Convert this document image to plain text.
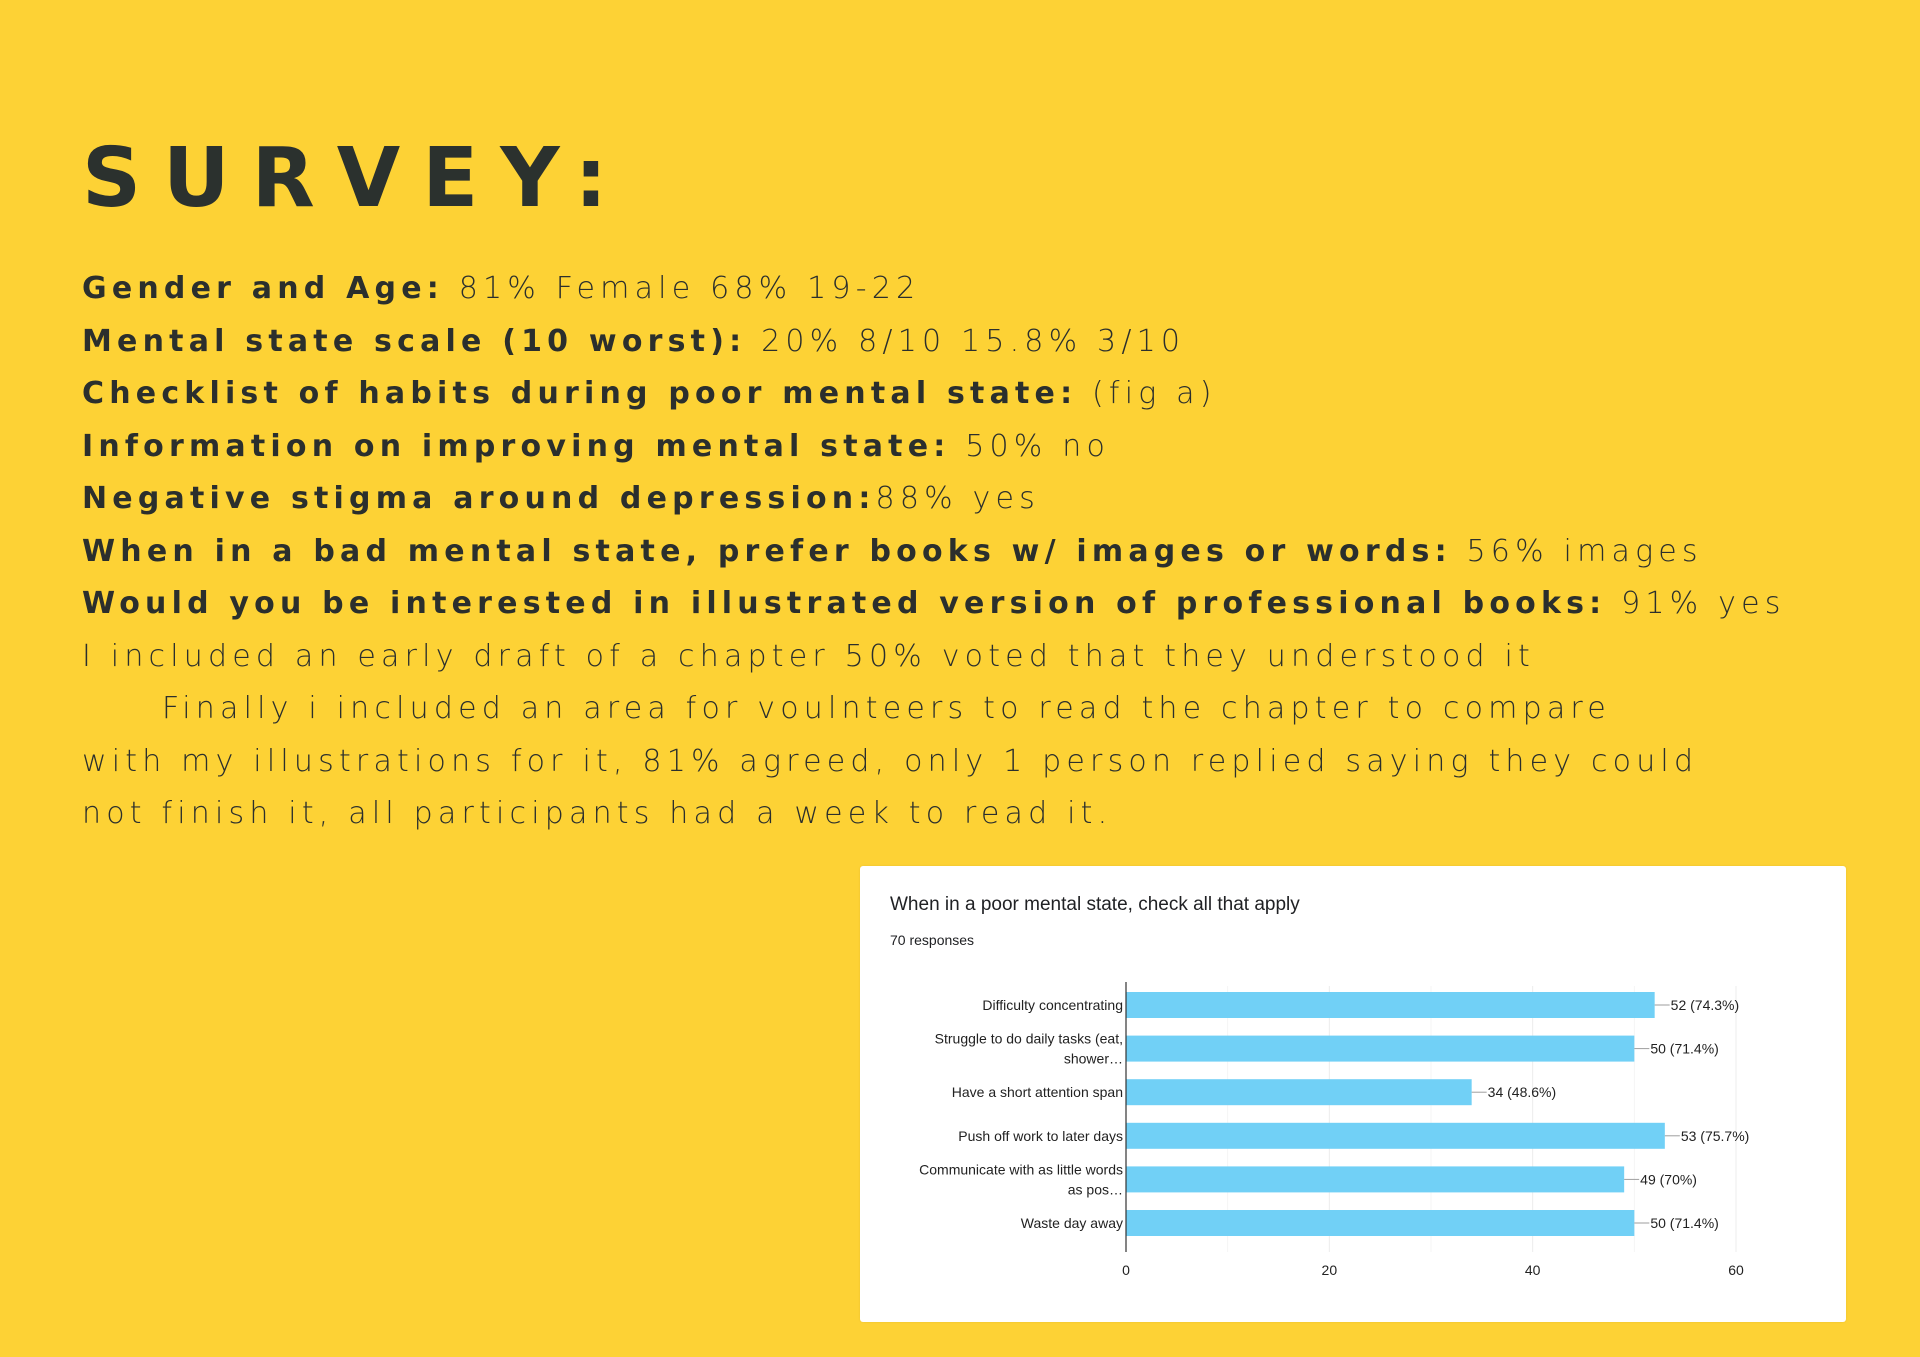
SURVEY:
Gender and Age: 81% Female 68% 19-22
Mental state scale (10 worst): 20% 8/10 15.8% 3/10
Checklist of habits during poor mental state: (fig a)
Information on improving mental state: 50% no
Negative stigma around depression:88% yes
When in a bad mental state, prefer books w/ images or words: 56% images
Would you be interested in illustrated version of professional books: 91% yes
I included an early draft of a chapter 50% voted that they understood it
Finally i included an area for voulnteers to read the chapter to compare
with my illustrations for it, 81% agreed, only 1 person replied saying they could
not finish it, all participants had a week to read it.
When in a poor mental state, check all that apply
70 responses
52 (74.3%)
Difficulty concentrating
50 (71.4%)
Struggle to do daily tasks (eat,
shower…
34 (48.6%)
Have a short attention span
53 (75.7%)
Push off work to later days
49 (70%)
Communicate with as little words
as pos…
50 (71.4%)
Waste day away
0	20	40	60
